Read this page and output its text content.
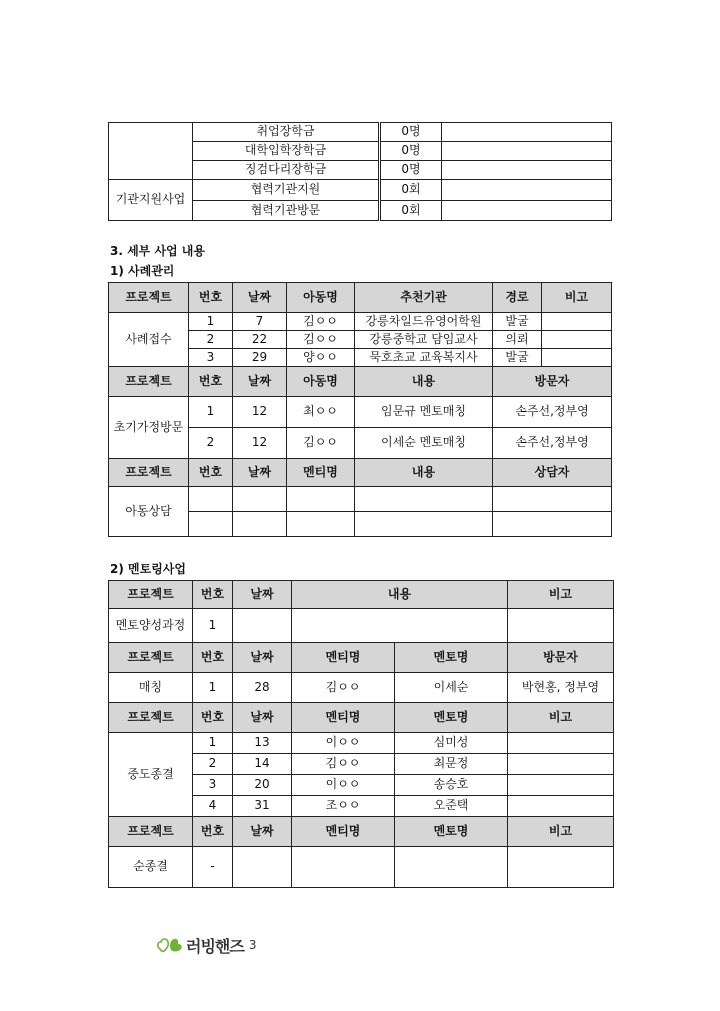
	취업장학금	0명	
	대학입학장학금	0명	
	징검다리장학금	0명	
기관지원사업	협력기관지원	0회	
	협력기관방문	0회	
3. 세부 사업 내용
1) 사례관리
프로젝트	번호	날짜	아동명	추천기관	경로	비고
사례접수	1	7	김ㅇㅇ	강릉차일드유영어학원	발굴	
	2	22	김ㅇㅇ	강릉중학교 담임교사	의뢰	
	3	29	양ㅇㅇ	묵호초교 교육복지사	발굴	
프로젝트	번호	날짜	아동명	내용	방문자	
초기가정방문	1	12	최ㅇㅇ	임문규 멘토매칭	손주선,정부영	
	2	12	김ㅇㅇ	이세순 멘토매칭	손주선,정부영	
프로젝트	번호	날짜	멘티명	내용	상담자	
아동상담						

2) 멘토링사업
프로젝트	번호	날짜	내용		비고
멘토양성과정	1				
프로젝트	번호	날짜	멘티명	멘토명	방문자
매칭	1	28	김ㅇㅇ	이세순	박현홍, 정부영
프로젝트	번호	날짜	멘티명	멘토명	비고
중도종결	1	13	이ㅇㅇ	심미성	
	2	14	김ㅇㅇ	최문정	
	3	20	이ㅇㅇ	송승호	
	4	31	조ㅇㅇ	오준택	
프로젝트	번호	날짜	멘티명	멘토명	비고
순종결	-				
러빙핸즈 3
